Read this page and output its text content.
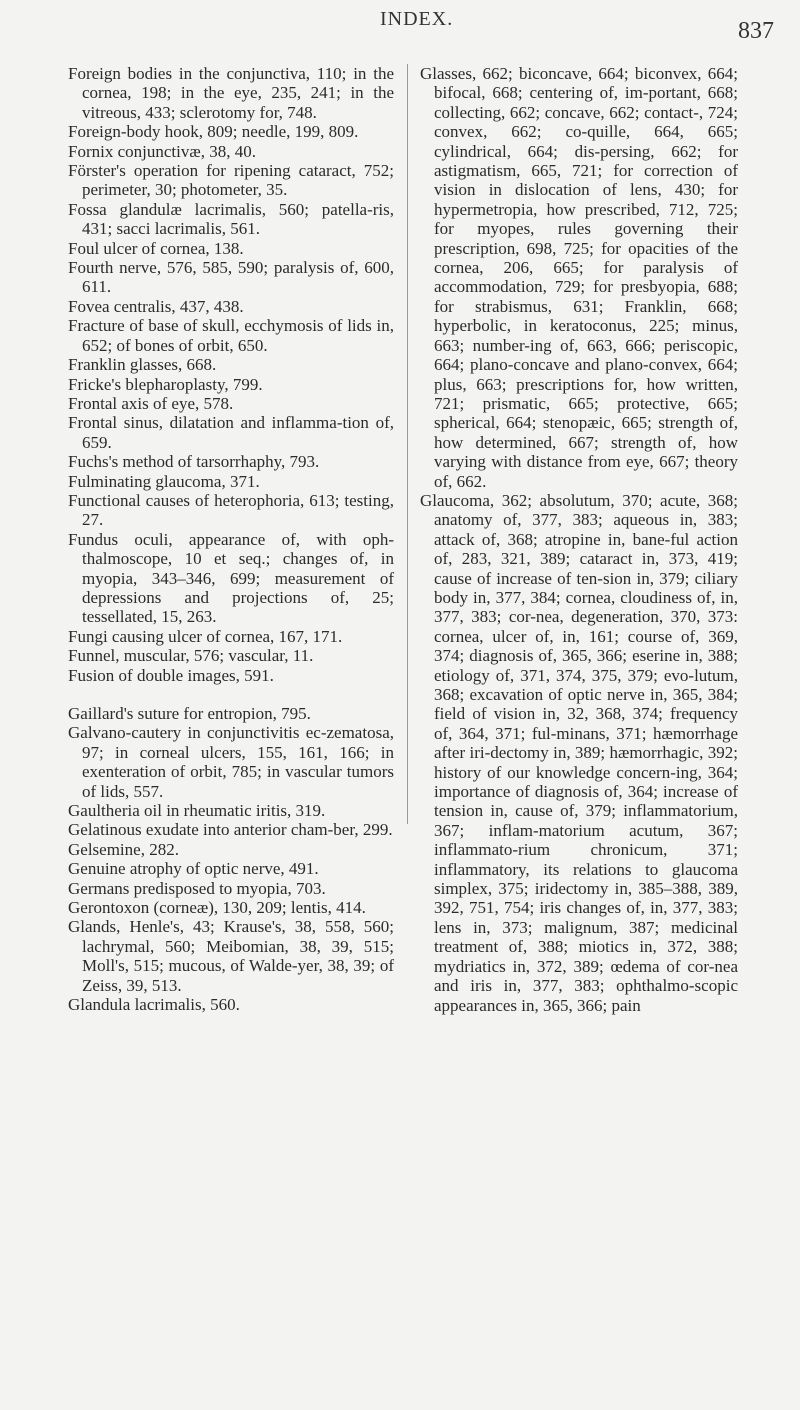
INDEX.	837

Foreign bodies in the conjunctiva, 110; in the cornea, 198; in the eye, 235, 241; in the vitreous, 433; sclerotomy for, 748.

Foreign-body hook, 809; needle, 199, 809.

Fornix conjunctivæ, 38, 40.

Förster's operation for ripening cataract, 752; perimeter, 30; photometer, 35.

Fossa glandulæ lacrimalis, 560; patella-ris, 431; sacci lacrimalis, 561.

Foul ulcer of cornea, 138.

Fourth nerve, 576, 585, 590; paralysis of, 600, 611.

Fovea centralis, 437, 438.

Fracture of base of skull, ecchymosis of lids in, 652; of bones of orbit, 650.

Franklin glasses, 668.

Fricke's blepharoplasty, 799.

Frontal axis of eye, 578.

Frontal sinus, dilatation and inflamma-tion of, 659.

Fuchs's method of tarsorrhaphy, 793.

Fulminating glaucoma, 371.

Functional causes of heterophoria, 613; testing, 27.

Fundus oculi, appearance of, with oph-thalmoscope, 10 et seq.; changes of, in myopia, 343–346, 699; measurement of depressions and projections of, 25; tessellated, 15, 263.

Fungi causing ulcer of cornea, 167, 171.

Funnel, muscular, 576; vascular, 11.

Fusion of double images, 591.

Gaillard's suture for entropion, 795.

Galvano-cautery in conjunctivitis ec-zematosa, 97; in corneal ulcers, 155, 161, 166; in exenteration of orbit, 785; in vascular tumors of lids, 557.

Gaultheria oil in rheumatic iritis, 319.

Gelatinous exudate into anterior cham-ber, 299.

Gelsemine, 282.

Genuine atrophy of optic nerve, 491.

Germans predisposed to myopia, 703.

Gerontoxon (corneæ), 130, 209; lentis, 414.

Glands, Henle's, 43; Krause's, 38, 558, 560; lachrymal, 560; Meibomian, 38, 39, 515; Moll's, 515; mucous, of Walde-yer, 38, 39; of Zeiss, 39, 513.

Glandula lacrimalis, 560.

Glasses, 662; biconcave, 664; biconvex, 664; bifocal, 668; centering of, im-portant, 668; collecting, 662; concave, 662; contact-, 724; convex, 662; co-quille, 664, 665; cylindrical, 664; dis-persing, 662; for astigmatism, 665, 721; for correction of vision in dislocation of lens, 430; for hypermetropia, how prescribed, 712, 725; for myopes, rules governing their prescription, 698, 725; for opacities of the cornea, 206, 665; for paralysis of accommodation, 729; for presbyopia, 688; for strabismus, 631; Franklin, 668; hyperbolic, in keratoconus, 225; minus, 663; number-ing of, 663, 666; periscopic, 664; plano-concave and plano-convex, 664; plus, 663; prescriptions for, how written, 721; prismatic, 665; protective, 665; spherical, 664; stenopæic, 665; strength of, how determined, 667; strength of, how varying with distance from eye, 667; theory of, 662.

Glaucoma, 362; absolutum, 370; acute, 368; anatomy of, 377, 383; aqueous in, 383; attack of, 368; atropine in, bane-ful action of, 283, 321, 389; cataract in, 373, 419; cause of increase of ten-sion in, 379; ciliary body in, 377, 384; cornea, cloudiness of, in, 377, 383; cor-nea, degeneration, 370, 373: cornea, ulcer of, in, 161; course of, 369, 374; diagnosis of, 365, 366; eserine in, 388; etiology of, 371, 374, 375, 379; evo-lutum, 368; excavation of optic nerve in, 365, 384; field of vision in, 32, 368, 374; frequency of, 364, 371; ful-minans, 371; hæmorrhage after iri-dectomy in, 389; hæmorrhagic, 392; history of our knowledge concern-ing, 364; importance of diagnosis of, 364; increase of tension in, cause of, 379; inflammatorium, 367; inflam-matorium acutum, 367; inflammato-rium chronicum, 371; inflammatory, its relations to glaucoma simplex, 375; iridectomy in, 385–388, 389, 392, 751, 754; iris changes of, in, 377, 383; lens in, 373; malignum, 387; medicinal treatment of, 388; miotics in, 372, 388; mydriatics in, 372, 389; œdema of cor-nea and iris in, 377, 383; ophthalmo-scopic appearances in, 365, 366; pain
